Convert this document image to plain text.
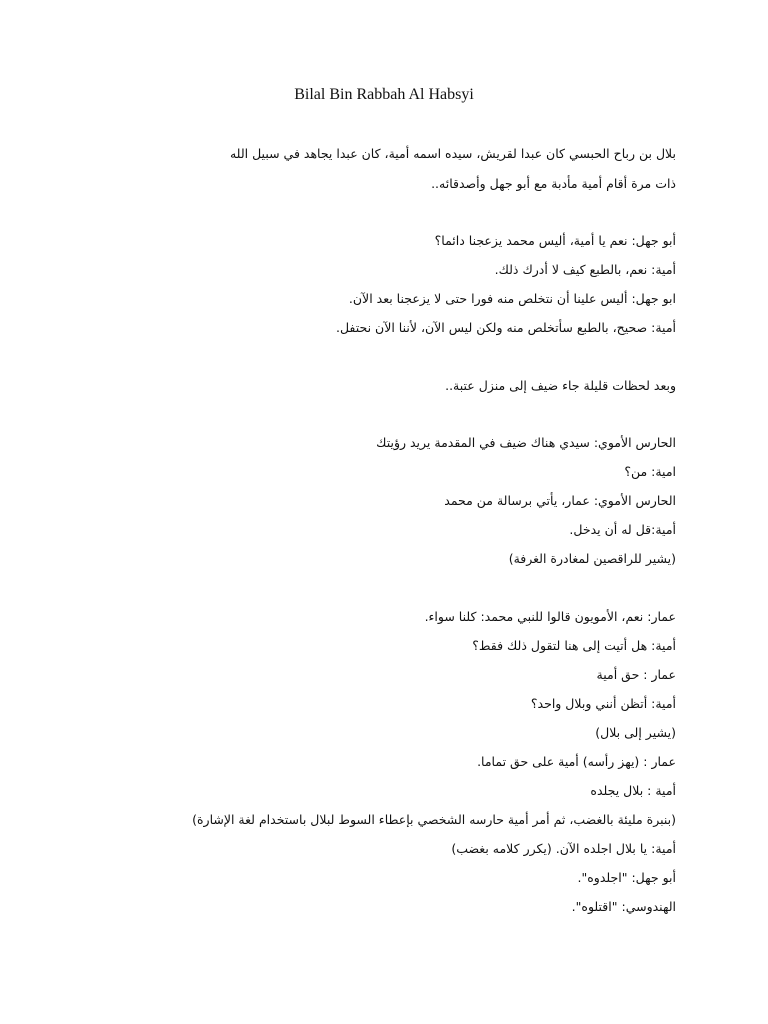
Bilal Bin Rabbah Al Habsyi
بلال بن رباح الحبسي كان عبدا لقريش، سيده اسمه أمية، كان عبدا يجاهد في سبيل الله
ذات مرة أقام أمية مأدبة مع أبو جهل وأصدقائه..
أبو جهل: نعم يا أمية، أليس محمد يزعجنا دائما؟
أمية: نعم، بالطبع كيف لا أدرك ذلك.
ابو جهل: أليس علينا أن نتخلص منه فورا حتى لا يزعجنا بعد الآن.
أمية: صحيح، بالطبع سأتخلص منه ولكن ليس الآن، لأننا الآن نحتفل.
وبعد لحظات قليلة جاء ضيف إلى منزل عتبة..
الحارس الأموي: سيدي هناك ضيف في المقدمة يريد رؤيتك
امية: من؟
الحارس الأموي: عمار، يأتي برسالة من محمد
أمية:قل له أن يدخل.
(يشير للراقصين لمغادرة الغرفة)
عمار: نعم، الأمويون قالوا للنبي محمد: كلنا سواء.
أمية: هل أتيت إلى هنا لتقول ذلك فقط؟
عمار : حق أمية
أمية: أتظن أنني وبلال واحد؟
(يشير إلى بلال)
عمار : (يهز رأسه) أمية على حق تماما.
أمية : بلال يجلده
(بنبرة مليئة بالغضب، ثم أمر أمية حارسه الشخصي بإعطاء السوط لبلال باستخدام لغة الإشارة)
أمية: يا بلال اجلده الآن. (يكرر كلامه بغضب)
أبو جهل: "اجلدوه".
الهندوسي: "اقتلوه".
